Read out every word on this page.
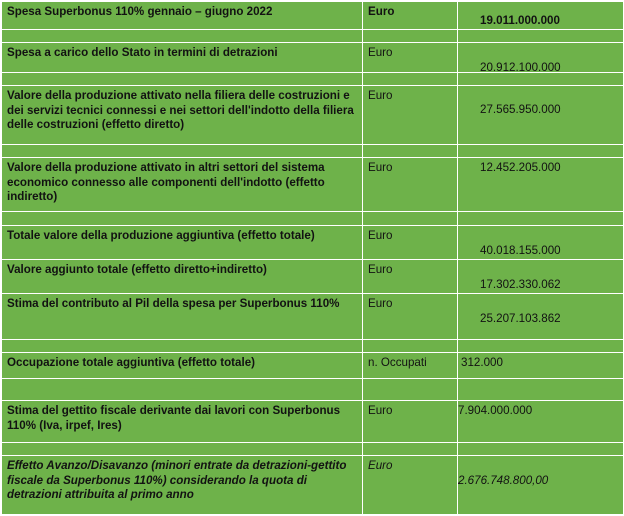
Spesa Superbonus 110% gennaio – giugno 2022	Euro	19.011.000.000

Spesa a carico dello Stato in termini di detrazioni	Euro	20.912.100.000

Valore della produzione attivato nella filiera delle costruzioni e dei servizi tecnici connessi e nei settori dell'indotto della filiera delle costruzioni (effetto diretto)	Euro	27.565.950.000

Valore della produzione attivato in altri settori del sistema economico connesso alle componenti dell'indotto (effetto indiretto)	Euro	12.452.205.000

Totale valore della produzione aggiuntiva (effetto totale)	Euro	40.018.155.000

Valore aggiunto totale (effetto diretto+indiretto)	Euro	17.302.330.062

Stima del contributo al Pil della spesa per Superbonus 110%	Euro	25.207.103.862

Occupazione totale aggiuntiva (effetto totale)	n. Occupati	312.000

Stima del gettito fiscale derivante dai lavori con Superbonus 110% (Iva, irpef, Ires)	Euro	7.904.000.000

Effetto Avanzo/Disavanzo (minori entrate da detrazioni-gettito fiscale da Superbonus 110%) considerando la quota di detrazioni attribuita al primo anno	Euro	2.676.748.800,00
